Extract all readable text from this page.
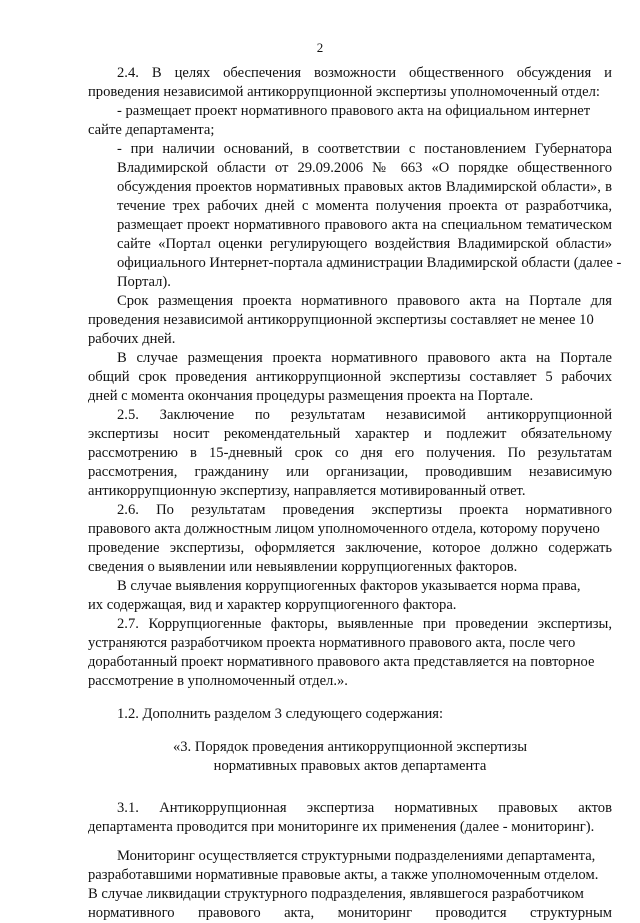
2
2.4. В целях обеспечения возможности общественного обсуждения и
проведения независимой антикоррупционной экспертизы уполномоченный отдел:
- размещает проект нормативного правового акта на официальном интернет
сайте департамента;
- при наличии оснований, в соответствии с постановлением Губернатора
Владимирской области от 29.09.2006 № 663 «О порядке общественного
обсуждения проектов нормативных правовых актов Владимирской области», в
течение трех рабочих дней с момента получения проекта от разработчика,
размещает проект нормативного правового акта на специальном тематическом
сайте «Портал оценки регулирующего воздействия Владимирской области»
официального Интернет-портала администрации Владимирской области (далее -
Портал).
Срок размещения проекта нормативного правового акта на Портале для
проведения независимой антикоррупционной экспертизы составляет не менее 10
рабочих дней.
В случае размещения проекта нормативного правового акта на Портале
общий срок проведения антикоррупционной экспертизы составляет 5 рабочих
дней с момента окончания процедуры размещения проекта на Портале.
2.5. Заключение по результатам независимой антикоррупционной
экспертизы носит рекомендательный характер и подлежит обязательному
рассмотрению в 15-дневный срок со дня его получения. По результатам
рассмотрения, гражданину или организации, проводившим независимую
антикоррупционную экспертизу, направляется мотивированный ответ.
2.6. По результатам проведения экспертизы проекта нормативного
правового акта должностным лицом уполномоченного отдела, которому поручено
проведение экспертизы, оформляется заключение, которое должно содержать
сведения о выявлении или невыявлении коррупциогенных факторов.
В случае выявления коррупциогенных факторов указывается норма права,
их содержащая, вид и характер коррупциогенного фактора.
2.7. Коррупциогенные факторы, выявленные при проведении экспертизы,
устраняются разработчиком проекта нормативного правового акта, после чего
доработанный проект нормативного правового акта представляется на повторное
рассмотрение в уполномоченный отдел.».
1.2. Дополнить разделом 3 следующего содержания:
«3. Порядок проведения антикоррупционной экспертизы
нормативных правовых актов департамента
3.1. Антикоррупционная экспертиза нормативных правовых актов
департамента проводится при мониторинге их применения (далее - мониторинг).
Мониторинг осуществляется структурными подразделениями департамента,
разработавшими нормативные правовые акты, а также уполномоченным отделом.
В случае ликвидации структурного подразделения, являвшегося разработчиком
нормативного правового акта, мониторинг проводится структурным
